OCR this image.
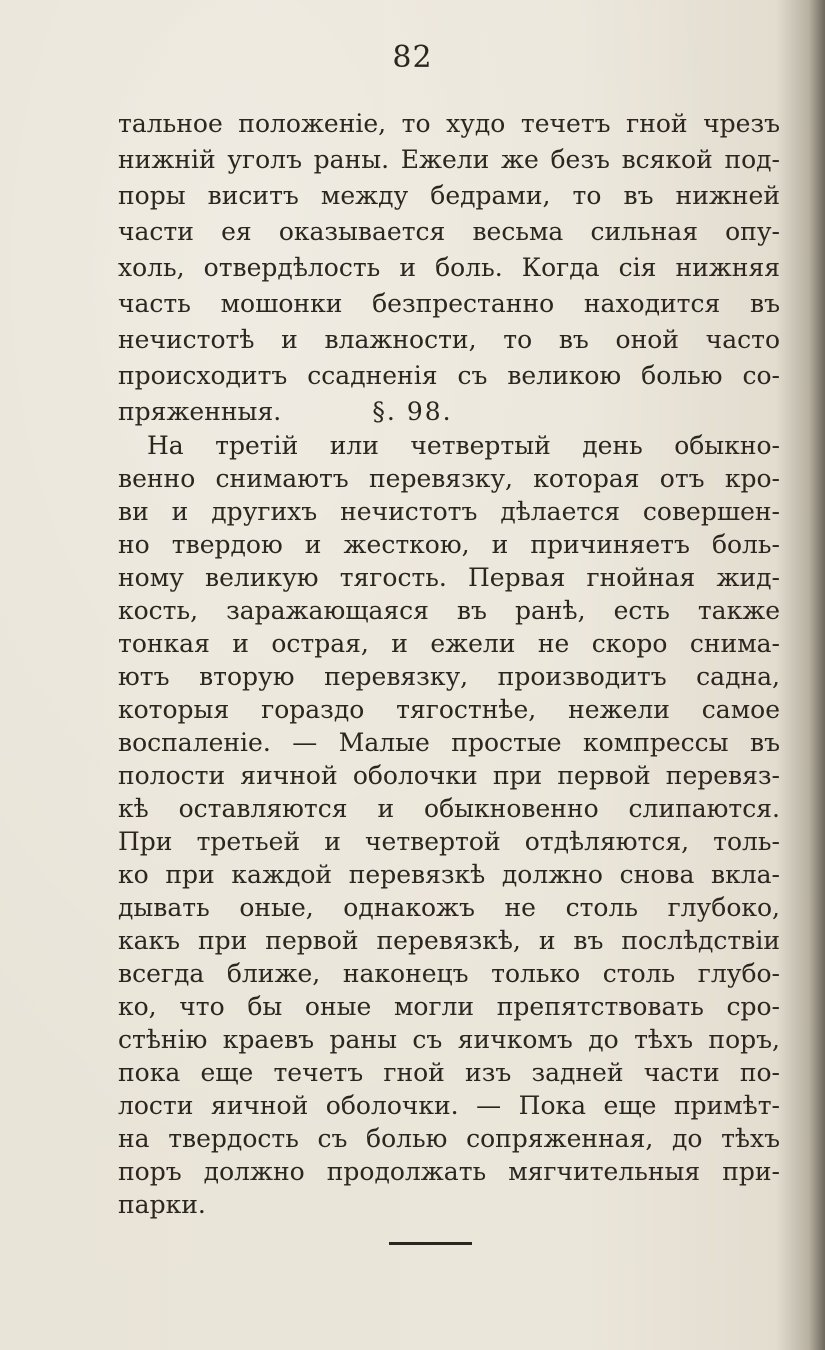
82
тальное положеніе, то худо течетъ гной чрезъ
нижній уголъ раны. Ежели же безъ всякой под-
поры виситъ между бедрами, то въ нижней
части ея оказывается весьма сильная опу-
холь, отвердѣлость и боль. Когда сія нижняя
часть мошонки безпрестанно находится въ
нечистотѣ и влажности, то въ оной часто
происходитъ ссадненія съ великою болью со-
пряженныя.	§. 98.
На третій или четвертый день обыкно-
венно снимаютъ перевязку, которая отъ кро-
ви и другихъ нечистотъ дѣлается совершен-
но твердою и жесткою, и причиняетъ боль-
ному великую тягость. Первая гнойная жид-
кость, заражающаяся въ ранѣ, есть также
тонкая и острая, и ежели не скоро снима-
ютъ вторую перевязку, производитъ садна,
которыя гораздо тягостнѣе, нежели самое
воспаленіе. — Малые простые компрессы въ
полости яичной оболочки при первой перевяз-
кѣ оставляются и обыкновенно слипаются.
При третьей и четвертой отдѣляются, толь-
ко при каждой перевязкѣ должно снова вкла-
дывать оные, однакожъ не столь глубоко,
какъ при первой перевязкѣ, и въ послѣдствіи
всегда ближе, наконецъ только столь глубо-
ко, что бы оные могли препятствовать сро-
стѣнію краевъ раны съ яичкомъ до тѣхъ поръ,
пока еще течетъ гной изъ задней части по-
лости яичной оболочки. — Пока еще примѣт-
на твердость съ болью сопряженная, до тѣхъ
поръ должно продолжать мягчительныя при-
парки.
